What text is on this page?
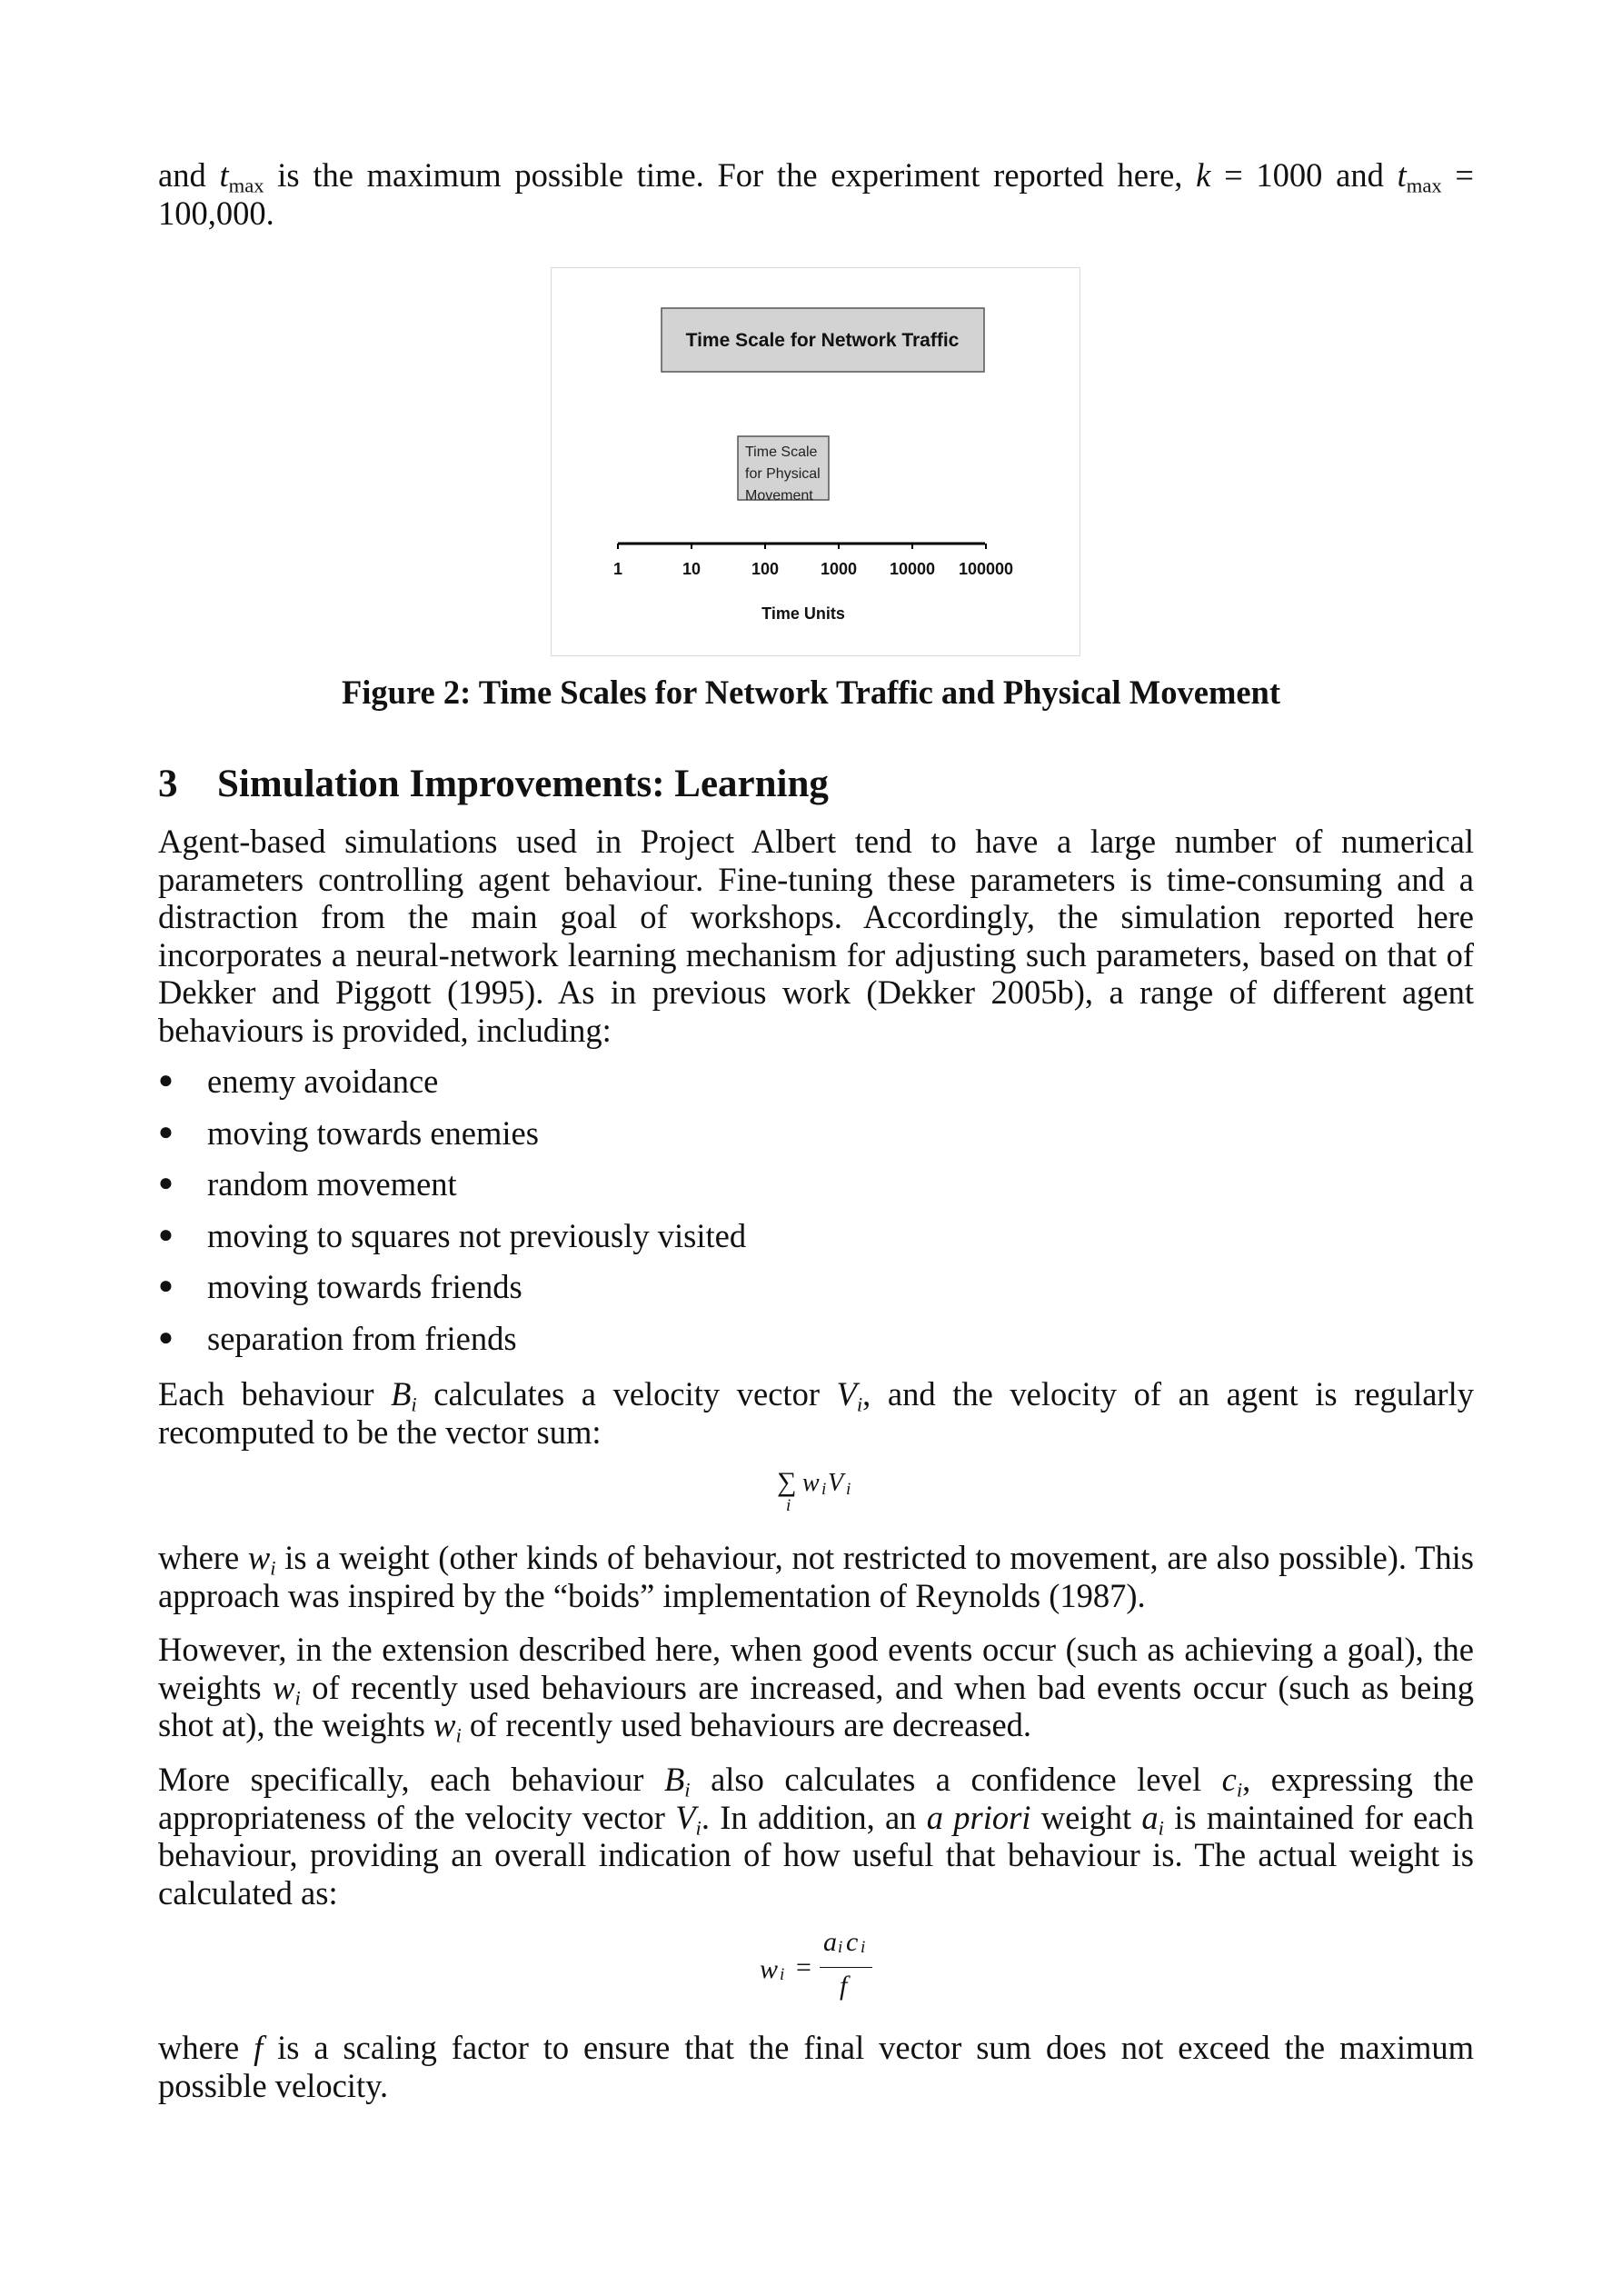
and $t_{max}$ is the maximum possible time. For the experiment reported here, k = 1000 and $t_{max}$ =
100,000.
Time Scale for Network Traffic
Time Scale
for Physical
Movement
1	10	100	1000 10000 100000
Time Units
Figure 2: Time Scales for Network Traffic and Physical Movement
3 Simulation Improvements: Learning
Agent-based simulations used in Project Albert tend to have a large number of numerical
parameters controlling agent behaviour. Fine-tuning these parameters is time-consuming and a
distraction from the main goal of workshops. Accordingly, the simulation reported here
incorporates a neural-network learning mechanism for adjusting such parameters, based on that of
Dekker and Piggott (1995). As in previous work (Dekker 2005b), a range of different agent
behaviours is provided, including:
●	enemy avoidance
●	moving towards enemies
●	random movement
●	moving to squares not previously visited
●	moving towards friends
●	separation from friends
Each behaviour $B_i$ calculates a velocity vector $V_i$, and the velocity of an agent is regularly
recomputed to be the vector sum:
∑ w i V i
i
where $w_i$ is a weight (other kinds of behaviour, not restricted to movement, are also possible). This
approach was inspired by the “boids” implementation of Reynolds (1987).
However, in the extension described here, when good events occur (such as achieving a goal), the
weights $w_i$ of recently used behaviours are increased, and when bad events occur (such as being
shot at), the weights $w_i$ of recently used behaviours are decreased.
More specifically, each behaviour $B_i$ also calculates a confidence level $c_i$, expressing the
appropriateness of the velocity vector $V_i$. In addition, an a priori weight $a_i$ is maintained for each
behaviour, providing an overall indication of how useful that behaviour is. The actual weight is
calculated as:
w i =
a i c i
f
where f is a scaling factor to ensure that the final vector sum does not exceed the maximum
possible velocity.
